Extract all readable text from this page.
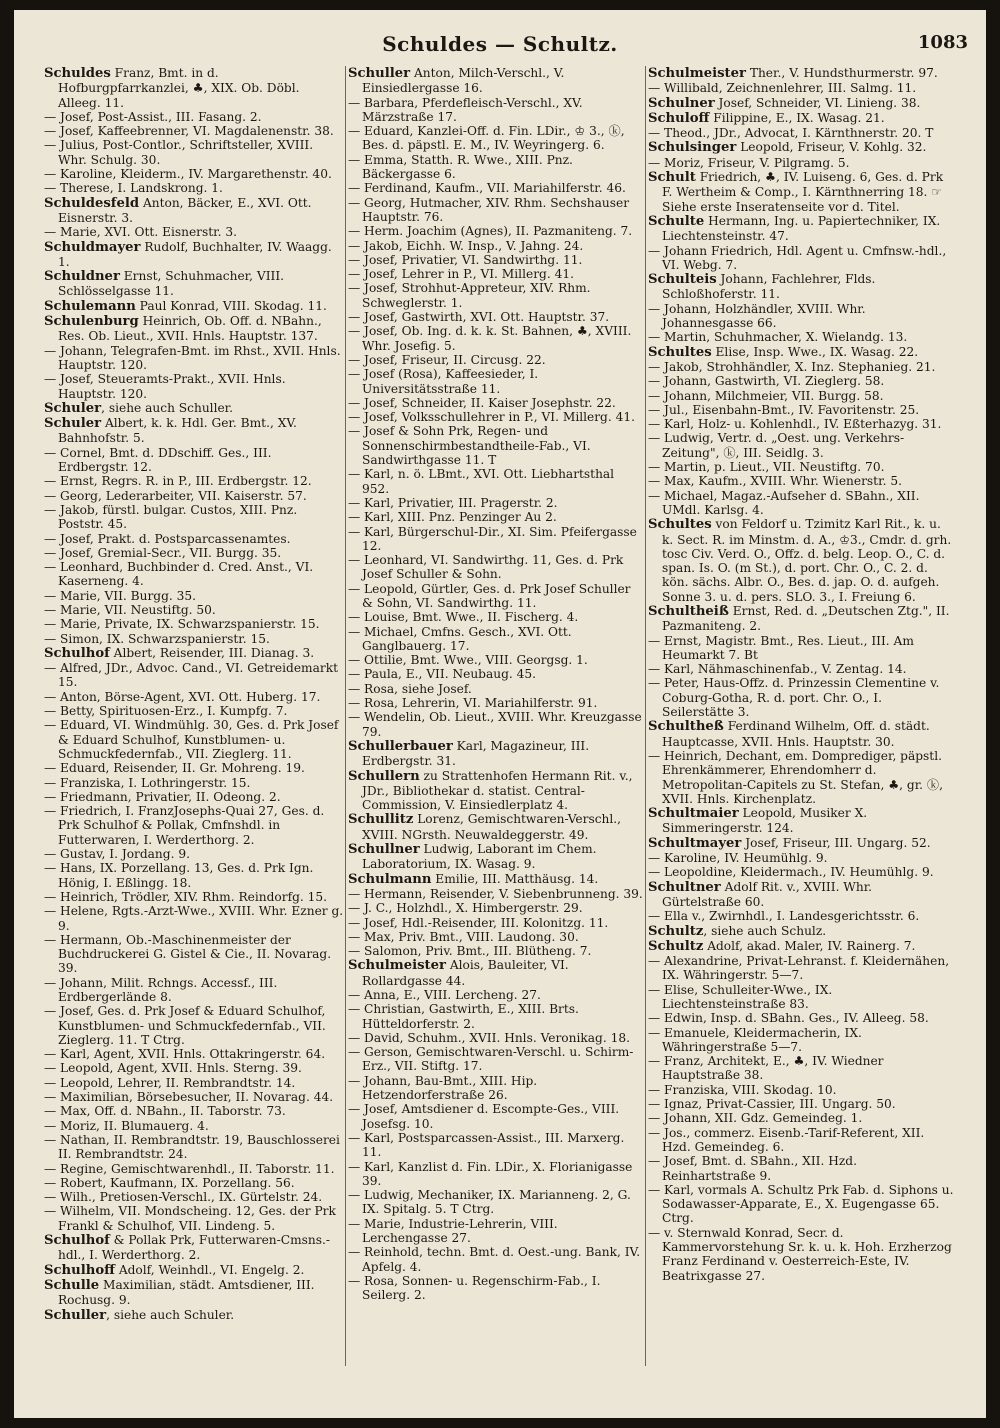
Schuldes — Schultz.	1083

Schuldes Franz, Bmt. in d. Hofburgpfarrkanzlei, ♣, XIX. Ob. Döbl. Alleeg. 11.

— Josef, Post-Assist., III. Fasang. 2.

— Josef, Kaffeebrenner, VI. Magdalenenstr. 38.

— Julius, Post-Contlor., Schriftsteller, XVIII. Whr. Schulg. 30.

— Karoline, Kleiderm., IV. Margarethenstr. 40.

— Therese, I. Landskrong. 1.

Schuldesfeld Anton, Bäcker, E., XVI. Ott. Eisnerstr. 3.

— Marie, XVI. Ott. Eisnerstr. 3.

Schuldmayer Rudolf, Buchhalter, IV. Waagg. 1.

Schuldner Ernst, Schuhmacher, VIII. Schlösselgasse 11.

Schulemann Paul Konrad, VIII. Skodag. 11.

Schulenburg Heinrich, Ob. Off. d. NBahn., Res. Ob. Lieut., XVII. Hnls. Hauptstr. 137.

— Johann, Telegrafen-Bmt. im Rhst., XVII. Hnls. Hauptstr. 120.

— Josef, Steueramts-Prakt., XVII. Hnls. Hauptstr. 120.

Schuler, siehe auch Schuller.

Schuler Albert, k. k. Hdl. Ger. Bmt., XV. Bahnhofstr. 5.

— Cornel, Bmt. d. DDschiff. Ges., III. Erdbergstr. 12.

— Ernst, Regrs. R. in P., III. Erdbergstr. 12.

— Georg, Lederarbeiter, VII. Kaiserstr. 57.

— Jakob, fürstl. bulgar. Custos, XIII. Pnz. Poststr. 45.

— Josef, Prakt. d. Postsparcassenamtes.

— Josef, Gremial-Secr., VII. Burgg. 35.

— Leonhard, Buchbinder d. Cred. Anst., VI. Kaserneng. 4.

— Marie, VII. Burgg. 35.

— Marie, VII. Neustiftg. 50.

— Marie, Private, IX. Schwarzspanierstr. 15.

— Simon, IX. Schwarzspanierstr. 15.

Schulhof Albert, Reisender, III. Dianag. 3.

— Alfred, JDr., Advoc. Cand., VI. Getreidemarkt 15.

— Anton, Börse-Agent, XVI. Ott. Huberg. 17.

— Betty, Spirituosen-Erz., I. Kumpfg. 7.

— Eduard, VI. Windmühlg. 30, Ges. d. Prk Josef & Eduard Schulhof, Kunstblumen- u. Schmuckfedernfab., VII. Zieglerg. 11.

— Eduard, Reisender, II. Gr. Mohreng. 19.

— Franziska, I. Lothringerstr. 15.

— Friedmann, Privatier, II. Odeong. 2.

— Friedrich, I. FranzJosephs-Quai 27, Ges. d. Prk Schulhof & Pollak, Cmfnshdl. in Futterwaren, I. Werderthorg. 2.

— Gustav, I. Jordang. 9.

— Hans, IX. Porzellang. 13, Ges. d. Prk Ign. Hönig, I. Eßlingg. 18.

— Heinrich, Trödler, XIV. Rhm. Reindorfg. 15.

— Helene, Rgts.-Arzt-Wwe., XVIII. Whr. Ezner g. 9.

— Hermann, Ob.-Maschinenmeister der Buchdruckerei G. Gistel & Cie., II. Novarag. 39.

— Johann, Milit. Rchngs. Accessf., III. Erdbergerlände 8.

— Josef, Ges. d. Prk Josef & Eduard Schulhof, Kunstblumen- und Schmuckfedernfab., VII. Zieglerg. 11. T Ctrg.

— Karl, Agent, XVII. Hnls. Ottakringerstr. 64.

— Leopold, Agent, XVII. Hnls. Sterng. 39.

— Leopold, Lehrer, II. Rembrandtstr. 14.

— Maximilian, Börsebesucher, II. Novarag. 44.

— Max, Off. d. NBahn., II. Taborstr. 73.

— Moriz, II. Blumauerg. 4.

— Nathan, II. Rembrandtstr. 19, Bauschlosserei II. Rembrandtstr. 24.

— Regine, Gemischtwarenhdl., II. Taborstr. 11.

— Robert, Kaufmann, IX. Porzellang. 56.

— Wilh., Pretiosen-Verschl., IX. Gürtelstr. 24.

— Wilhelm, VII. Mondscheing. 12, Ges. der Prk Frankl & Schulhof, VII. Lindeng. 5.

Schulhof & Pollak Prk, Futterwaren-Cmsns.-hdl., I. Werderthorg. 2.

Schulhoff Adolf, Weinhdl., VI. Engelg. 2.

Schulle Maximilian, städt. Amtsdiener, III. Rochusg. 9.

Schuller, siehe auch Schuler.

Schuller Anton, Milch-Verschl., V. Einsiedlergasse 16.

— Barbara, Pferdefleisch-Verschl., XV. Märzstraße 17.

— Eduard, Kanzlei-Off. d. Fin. LDir., ♔ 3., ⓚ, Bes. d. päpstl. E. M., IV. Weyringerg. 6.

— Emma, Statth. R. Wwe., XIII. Pnz. Bäckergasse 6.

— Ferdinand, Kaufm., VII. Mariahilferstr. 46.

— Georg, Hutmacher, XIV. Rhm. Sechshauser Hauptstr. 76.

— Herm. Joachim (Agnes), II. Pazmaniteng. 7.

— Jakob, Eichh. W. Insp., V. Jahng. 24.

— Josef, Privatier, VI. Sandwirthg. 11.

— Josef, Lehrer in P., VI. Millerg. 41.

— Josef, Strohhut-Appreteur, XIV. Rhm. Schweglerstr. 1.

— Josef, Gastwirth, XVI. Ott. Hauptstr. 37.

— Josef, Ob. Ing. d. k. k. St. Bahnen, ♣, XVIII. Whr. Josefig. 5.

— Josef, Friseur, II. Circusg. 22.

— Josef (Rosa), Kaffeesieder, I. Universitätsstraße 11.

— Josef, Schneider, II. Kaiser Josephstr. 22.

— Josef, Volksschullehrer in P., VI. Millerg. 41.

— Josef & Sohn Prk, Regen- und Sonnenschirmbestandtheile-Fab., VI. Sandwirthgasse 11. T

— Karl, n. ö. LBmt., XVI. Ott. Liebhartsthal 952.

— Karl, Privatier, III. Pragerstr. 2.

— Karl, XIII. Pnz. Penzinger Au 2.

— Karl, Bürgerschul-Dir., XI. Sim. Pfeifergasse 12.

— Leonhard, VI. Sandwirthg. 11, Ges. d. Prk Josef Schuller & Sohn.

— Leopold, Gürtler, Ges. d. Prk Josef Schuller & Sohn, VI. Sandwirthg. 11.

— Louise, Bmt. Wwe., II. Fischerg. 4.

— Michael, Cmfns. Gesch., XVI. Ott. Ganglbauerg. 17.

— Ottilie, Bmt. Wwe., VIII. Georgsg. 1.

— Paula, E., VII. Neubaug. 45.

— Rosa, siehe Josef.

— Rosa, Lehrerin, VI. Mariahilferstr. 91.

— Wendelin, Ob. Lieut., XVIII. Whr. Kreuzgasse 79.

Schullerbauer Karl, Magazineur, III. Erdbergstr. 31.

Schullern zu Strattenhofen Hermann Rit. v., JDr., Bibliothekar d. statist. Central-Commission, V. Einsiedlerplatz 4.

Schullitz Lorenz, Gemischtwaren-Verschl., XVIII. NGrsth. Neuwaldeggerstr. 49.

Schullner Ludwig, Laborant im Chem. Laboratorium, IX. Wasag. 9.

Schulmann Emilie, III. Matthäusg. 14.

— Hermann, Reisender, V. Siebenbrunneng. 39.

— J. C., Holzhdl., X. Himbergerstr. 29.

— Josef, Hdl.-Reisender, III. Kolonitzg. 11.

— Max, Priv. Bmt., VIII. Laudong. 30.

— Salomon, Priv. Bmt., III. Blütheng. 7.

Schulmeister Alois, Bauleiter, VI. Rollardgasse 44.

— Anna, E., VIII. Lercheng. 27.

— Christian, Gastwirth, E., XIII. Brts. Hütteldorferstr. 2.

— David, Schuhm., XVII. Hnls. Veronikag. 18.

— Gerson, Gemischtwaren-Verschl. u. Schirm-Erz., VII. Stiftg. 17.

— Johann, Bau-Bmt., XIII. Hip. Hetzendorferstraße 26.

— Josef, Amtsdiener d. Escompte-Ges., VIII. Josefsg. 10.

— Karl, Postsparcassen-Assist., III. Marxerg. 11.

— Karl, Kanzlist d. Fin. LDir., X. Florianigasse 39.

— Ludwig, Mechaniker, IX. Marianneng. 2, G. IX. Spitalg. 5. T Ctrg.

— Marie, Industrie-Lehrerin, VIII. Lerchengasse 27.

— Reinhold, techn. Bmt. d. Oest.-ung. Bank, IV. Apfelg. 4.

— Rosa, Sonnen- u. Regenschirm-Fab., I. Seilerg. 2.

Schulmeister Ther., V. Hundsthurmerstr. 97.

— Willibald, Zeichnenlehrer, III. Salmg. 11.

Schulner Josef, Schneider, VI. Linieng. 38.

Schuloff Filippine, E., IX. Wasag. 21.

— Theod., JDr., Advocat, I. Kärnthnerstr. 20. T

Schulsinger Leopold, Friseur, V. Kohlg. 32.

— Moriz, Friseur, V. Pilgramg. 5.

Schult Friedrich, ♣, IV. Luiseng. 6, Ges. d. Prk F. Wertheim & Comp., I. Kärnthnerring 18. ☞ Siehe erste Inseratenseite vor d. Titel.

Schulte Hermann, Ing. u. Papiertechniker, IX. Liechtensteinstr. 47.

— Johann Friedrich, Hdl. Agent u. Cmfnsw.-hdl., VI. Webg. 7.

Schulteis Johann, Fachlehrer, Flds. Schloßhoferstr. 11.

— Johann, Holzhändler, XVIII. Whr. Johannesgasse 66.

— Martin, Schuhmacher, X. Wielandg. 13.

Schultes Elise, Insp. Wwe., IX. Wasag. 22.

— Jakob, Strohhändler, X. Inz. Stephanieg. 21.

— Johann, Gastwirth, VI. Zieglerg. 58.

— Johann, Milchmeier, VII. Burgg. 58.

— Jul., Eisenbahn-Bmt., IV. Favoritenstr. 25.

— Karl, Holz- u. Kohlenhdl., IV. Eßterhazyg. 31.

— Ludwig, Vertr. d. „Oest. ung. Verkehrs-Zeitung", ⓚ, III. Seidlg. 3.

— Martin, p. Lieut., VII. Neustiftg. 70.

— Max, Kaufm., XVIII. Whr. Wienerstr. 5.

— Michael, Magaz.-Aufseher d. SBahn., XII. UMdl. Karlsg. 4.

Schultes von Feldorf u. Tzimitz Karl Rit., k. u. k. Sect. R. im Minstm. d. A., ♔3., Cmdr. d. grh. tosc Civ. Verd. O., Offz. d. belg. Leop. O., C. d. span. Is. O. (m St.), d. port. Chr. O., C. 2. d. kön. sächs. Albr. O., Bes. d. jap. O. d. aufgeh. Sonne 3. u. d. pers. SLO. 3., I. Freiung 6.

Schultheiß Ernst, Red. d. „Deutschen Ztg.", II. Pazmaniteng. 2.

— Ernst, Magistr. Bmt., Res. Lieut., III. Am Heumarkt 7. Bt

— Karl, Nähmaschinenfab., V. Zentag. 14.

— Peter, Haus-Offz. d. Prinzessin Clementine v. Coburg-Gotha, R. d. port. Chr. O., I. Seilerstätte 3.

Schultheß Ferdinand Wilhelm, Off. d. städt. Hauptcasse, XVII. Hnls. Hauptstr. 30.

— Heinrich, Dechant, em. Domprediger, päpstl. Ehrenkämmerer, Ehrendomherr d. Metropolitan-Capitels zu St. Stefan, ♣, gr. ⓚ, XVII. Hnls. Kirchenplatz.

Schultmaier Leopold, Musiker X. Simmeringerstr. 124.

Schultmayer Josef, Friseur, III. Ungarg. 52.

— Karoline, IV. Heumühlg. 9.

— Leopoldine, Kleidermach., IV. Heumühlg. 9.

Schultner Adolf Rit. v., XVIII. Whr. Gürtelstraße 60.

— Ella v., Zwirnhdl., I. Landesgerichtsstr. 6.

Schultz, siehe auch Schulz.

Schultz Adolf, akad. Maler, IV. Rainerg. 7.

— Alexandrine, Privat-Lehranst. f. Kleidernähen, IX. Währingerstr. 5—7.

— Elise, Schulleiter-Wwe., IX. Liechtensteinstraße 83.

— Edwin, Insp. d. SBahn. Ges., IV. Alleeg. 58.

— Emanuele, Kleidermacherin, IX. Währingerstraße 5—7.

— Franz, Architekt, E., ♣, IV. Wiedner Hauptstraße 38.

— Franziska, VIII. Skodag. 10.

— Ignaz, Privat-Cassier, III. Ungarg. 50.

— Johann, XII. Gdz. Gemeindeg. 1.

— Jos., commerz. Eisenb.-Tarif-Referent, XII. Hzd. Gemeindeg. 6.

— Josef, Bmt. d. SBahn., XII. Hzd. Reinhartstraße 9.

— Karl, vormals A. Schultz Prk Fab. d. Siphons u. Sodawasser-Apparate, E., X. Eugengasse 65. Ctrg.

— v. Sternwald Konrad, Secr. d. Kammervorstehung Sr. k. u. k. Hoh. Erzherzog Franz Ferdinand v. Oesterreich-Este, IV. Beatrixgasse 27.
